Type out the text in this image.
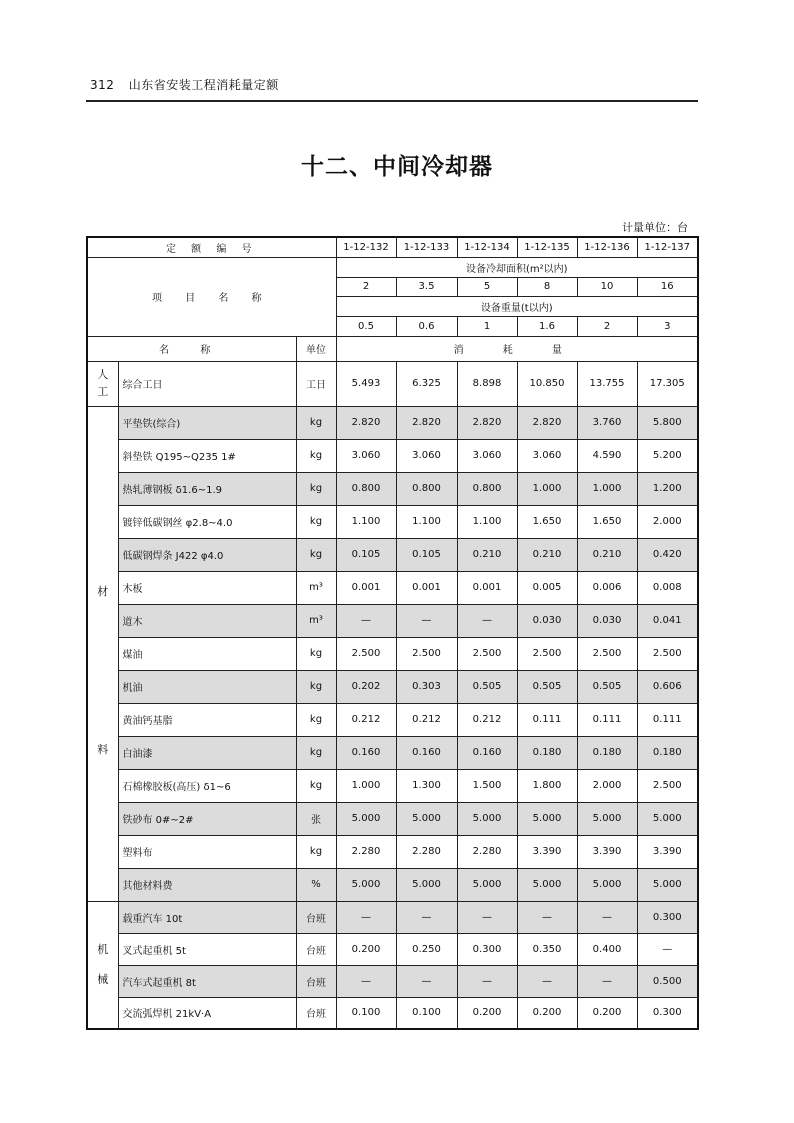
312 山东省安装工程消耗量定额
十二、中间冷却器
计量单位：台
定 额 编 号			1-12-132	1-12-133	1-12-134	1-12-135	1-12-136	1-12-137
项 目 名 称			设备冷却面积(m²以内)					
			2	3.5	5	8	10	16
			设备重量(t以内)					
			0.5	0.6	1	1.6	2	3
名 称		单位	消 耗 量					
人工	综合工日	工日	5.493	6.325	8.898	10.850	13.755	17.305

材
料	平垫铁(综合)	kg	2.820	2.820	2.820	2.820	3.760	5.800
	斜垫铁 Q195~Q235 1#	kg	3.060	3.060	3.060	3.060	4.590	5.200
	热轧薄钢板 δ1.6~1.9	kg	0.800	0.800	0.800	1.000	1.000	1.200
	镀锌低碳钢丝 φ2.8~4.0	kg	1.100	1.100	1.100	1.650	1.650	2.000
	低碳钢焊条 J422 φ4.0	kg	0.105	0.105	0.210	0.210	0.210	0.420
	木板	m³	0.001	0.001	0.001	0.005	0.006	0.008
	道木	m³	—	—	—	0.030	0.030	0.041
	煤油	kg	2.500	2.500	2.500	2.500	2.500	2.500
	机油	kg	0.202	0.303	0.505	0.505	0.505	0.606
	黄油钙基脂	kg	0.212	0.212	0.212	0.111	0.111	0.111
	白油漆	kg	0.160	0.160	0.160	0.180	0.180	0.180
	石棉橡胶板(高压) δ1~6	kg	1.000	1.300	1.500	1.800	2.000	2.500
	铁砂布 0#~2#	张	5.000	5.000	5.000	5.000	5.000	5.000
	塑料布	kg	2.280	2.280	2.280	3.390	3.390	3.390
	其他材料费	%	5.000	5.000	5.000	5.000	5.000	5.000

机
械	载重汽车 10t	台班	—	—	—	—	—	0.300
	叉式起重机 5t	台班	0.200	0.250	0.300	0.350	0.400	—
	汽车式起重机 8t	台班	—	—	—	—	—	0.500
	交流弧焊机 21kV·A	台班	0.100	0.100	0.200	0.200	0.200	0.300
